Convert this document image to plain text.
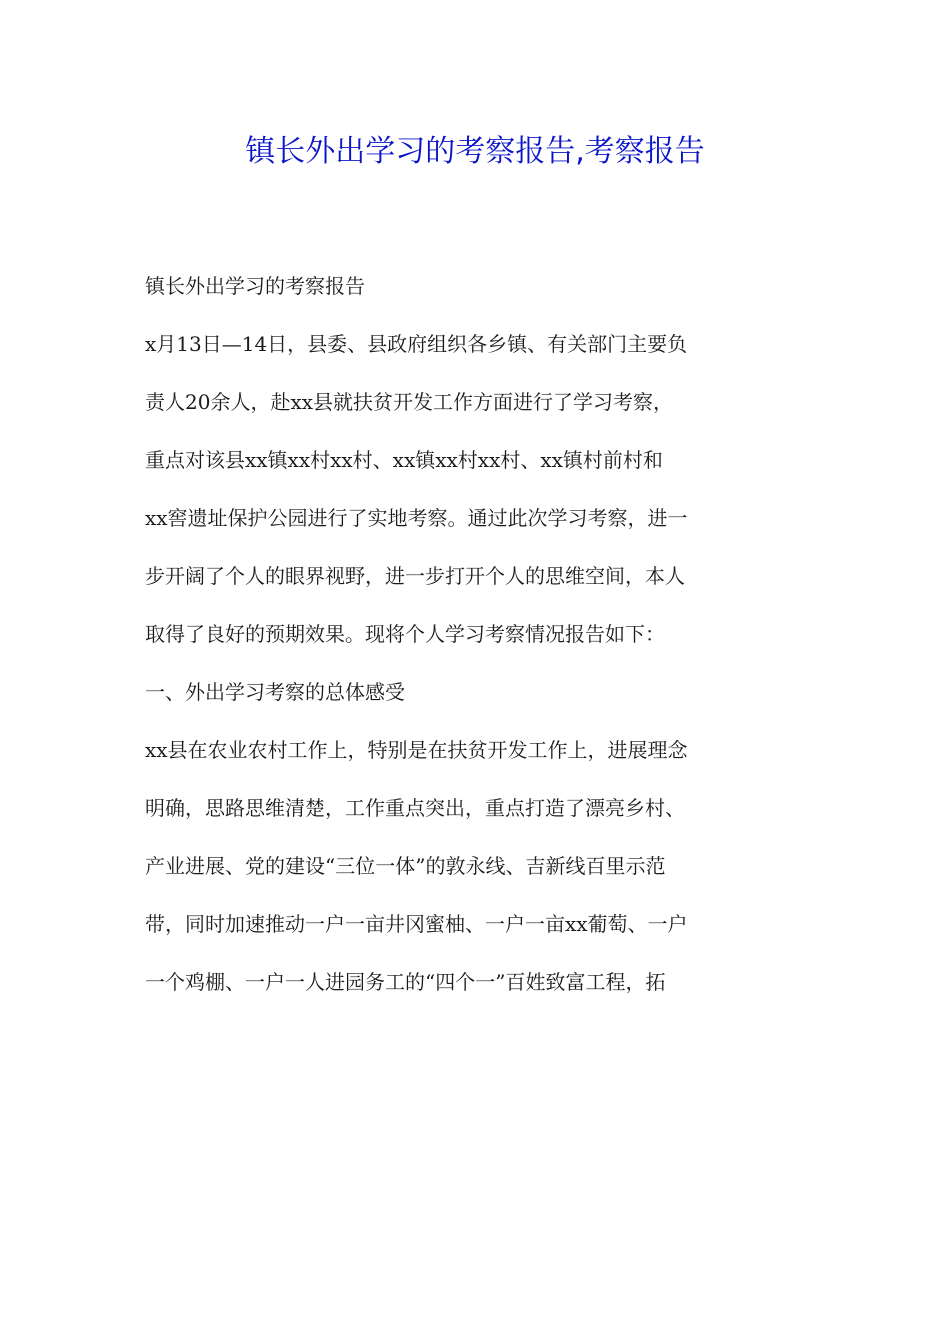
镇长外出学习的考察报告,考察报告
镇长外出学习的考察报告
x月13日—14日，县委、县政府组织各乡镇、有关部门主要负
责人20余人，赴xx县就扶贫开发工作方面进行了学习考察，
重点对该县xx镇xx村xx村、xx镇xx村xx村、xx镇村前村和
xx窖遗址保护公园进行了实地考察。通过此次学习考察，进一
步开阔了个人的眼界视野，进一步打开个人的思维空间，本人
取得了良好的预期效果。现将个人学习考察情况报告如下：
一、外出学习考察的总体感受
xx县在农业农村工作上，特别是在扶贫开发工作上，进展理念
明确，思路思维清楚，工作重点突出，重点打造了漂亮乡村、
产业进展、党的建设“三位一体”的敦永线、吉新线百里示范
带，同时加速推动一户一亩井冈蜜柚、一户一亩xx葡萄、一户
一个鸡棚、一户一人进园务工的“四个一”百姓致富工程，拓
